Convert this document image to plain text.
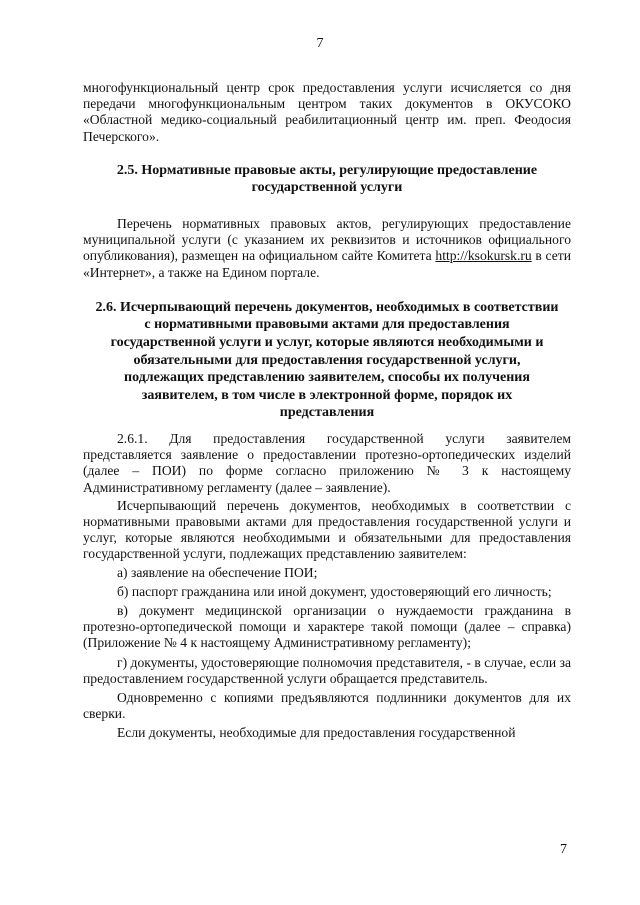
7

многофункциональный центр срок предоставления услуги исчисляется со дня передачи многофункциональным центром таких документов в ОКУСОКО «Областной медико-социальный реабилитационный центр им. преп. Феодосия Печерского».

2.5. Нормативные правовые акты, регулирующие предоставление государственной услуги

Перечень нормативных правовых актов, регулирующих предоставление муниципальной услуги (с указанием их реквизитов и источников официального опубликования), размещен на официальном сайте Комитета http://ksokursk.ru в сети «Интернет», а также на Едином портале.

2.6. Исчерпывающий перечень документов, необходимых в соответствии с нормативными правовыми актами для предоставления государственной услуги и услуг, которые являются необходимыми и обязательными для предоставления государственной услуги, подлежащих представлению заявителем, способы их получения заявителем, в том числе в электронной форме, порядок их представления

2.6.1. Для предоставления государственной услуги заявителем представляется заявление о предоставлении протезно-ортопедических изделий (далее – ПОИ) по форме согласно приложению № 3 к настоящему Административному регламенту (далее – заявление).

Исчерпывающий перечень документов, необходимых в соответствии с нормативными правовыми актами для предоставления государственной услуги и услуг, которые являются необходимыми и обязательными для предоставления государственной услуги, подлежащих представлению заявителем:

а) заявление на обеспечение ПОИ;

б) паспорт гражданина или иной документ, удостоверяющий его личность;

в) документ медицинской организации о нуждаемости гражданина в протезно-ортопедической помощи и характере такой помощи (далее – справка) (Приложение № 4 к настоящему Административному регламенту);

г) документы, удостоверяющие полномочия представителя, - в случае, если за предоставлением государственной услуги обращается представитель.

Одновременно с копиями предъявляются подлинники документов для их сверки.

Если документы, необходимые для предоставления государственной

7
